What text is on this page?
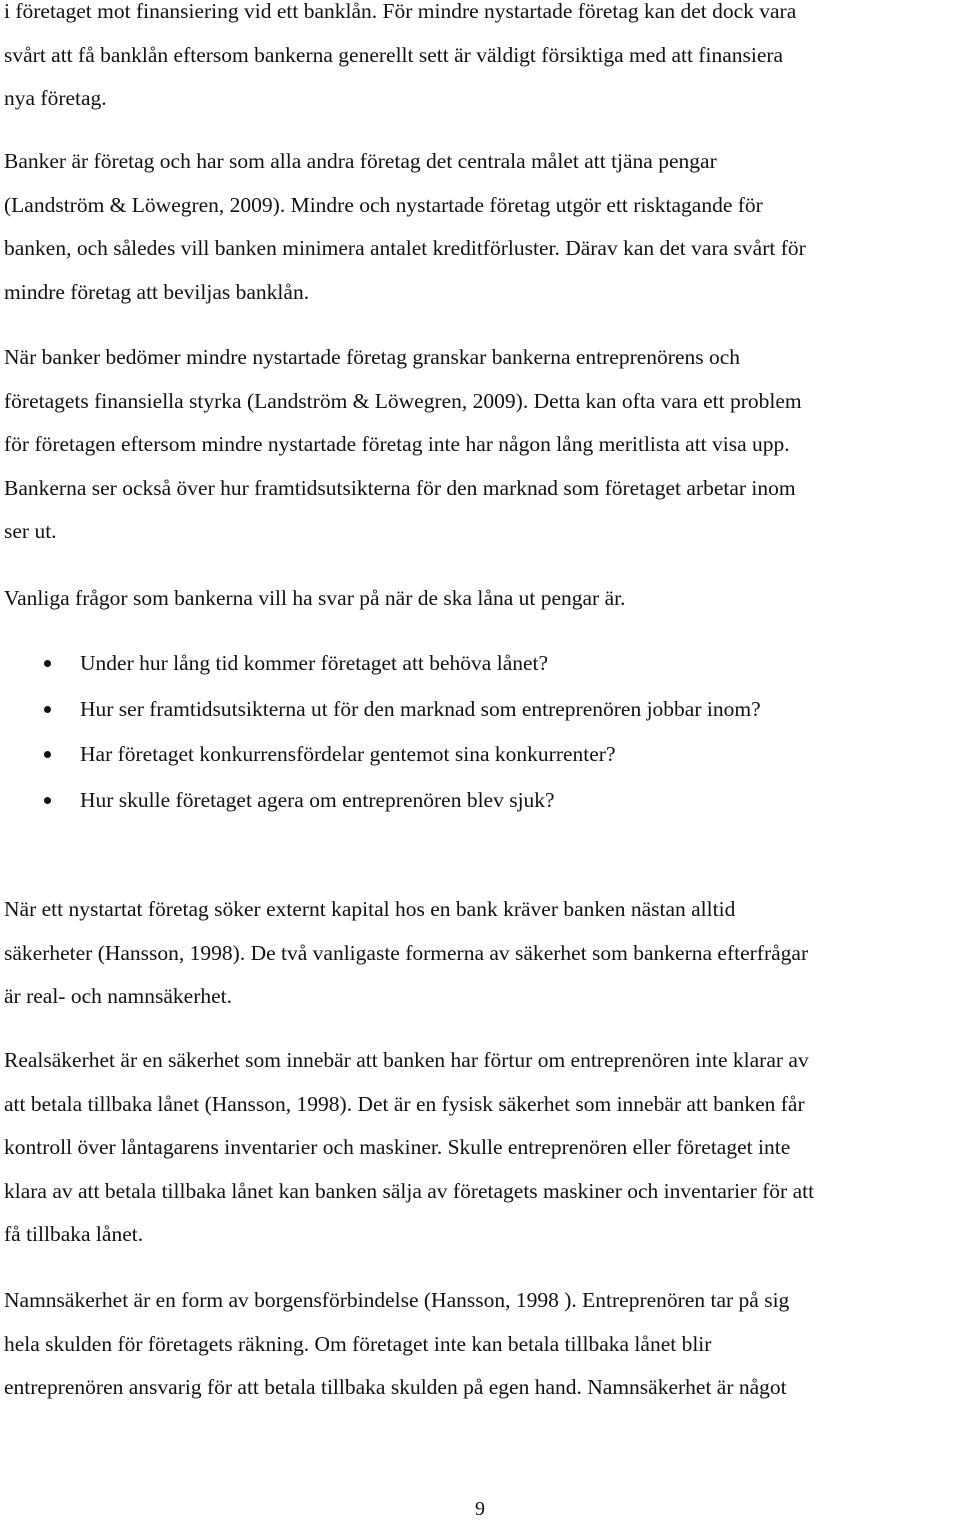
i företaget mot finansiering vid ett banklån. För mindre nystartade företag kan det dock vara
svårt att få banklån eftersom bankerna generellt sett är väldigt försiktiga med att finansiera
nya företag.

Banker är företag och har som alla andra företag det centrala målet att tjäna pengar
(Landström & Löwegren, 2009). Mindre och nystartade företag utgör ett risktagande för
banken, och således vill banken minimera antalet kreditförluster. Därav kan det vara svårt för
mindre företag att beviljas banklån.

När banker bedömer mindre nystartade företag granskar bankerna entreprenörens och
företagets finansiella styrka (Landström & Löwegren, 2009). Detta kan ofta vara ett problem
för företagen eftersom mindre nystartade företag inte har någon lång meritlista att visa upp.
Bankerna ser också över hur framtidsutsikterna för den marknad som företaget arbetar inom
ser ut.

Vanliga frågor som bankerna vill ha svar på när de ska låna ut pengar är.

Under hur lång tid kommer företaget att behöva lånet?
Hur ser framtidsutsikterna ut för den marknad som entreprenören jobbar inom?
Har företaget konkurrensfördelar gentemot sina konkurrenter?
Hur skulle företaget agera om entreprenören blev sjuk?

När ett nystartat företag söker externt kapital hos en bank kräver banken nästan alltid
säkerheter (Hansson, 1998). De två vanligaste formerna av säkerhet som bankerna efterfrågar
är real- och namnsäkerhet.

Realsäkerhet är en säkerhet som innebär att banken har förtur om entreprenören inte klarar av
att betala tillbaka lånet (Hansson, 1998). Det är en fysisk säkerhet som innebär att banken får
kontroll över låntagarens inventarier och maskiner. Skulle entreprenören eller företaget inte
klara av att betala tillbaka lånet kan banken sälja av företagets maskiner och inventarier för att
få tillbaka lånet.

Namnsäkerhet är en form av borgensförbindelse (Hansson, 1998 ). Entreprenören tar på sig
hela skulden för företagets räkning. Om företaget inte kan betala tillbaka lånet blir
entreprenören ansvarig för att betala tillbaka skulden på egen hand. Namnsäkerhet är något

9
